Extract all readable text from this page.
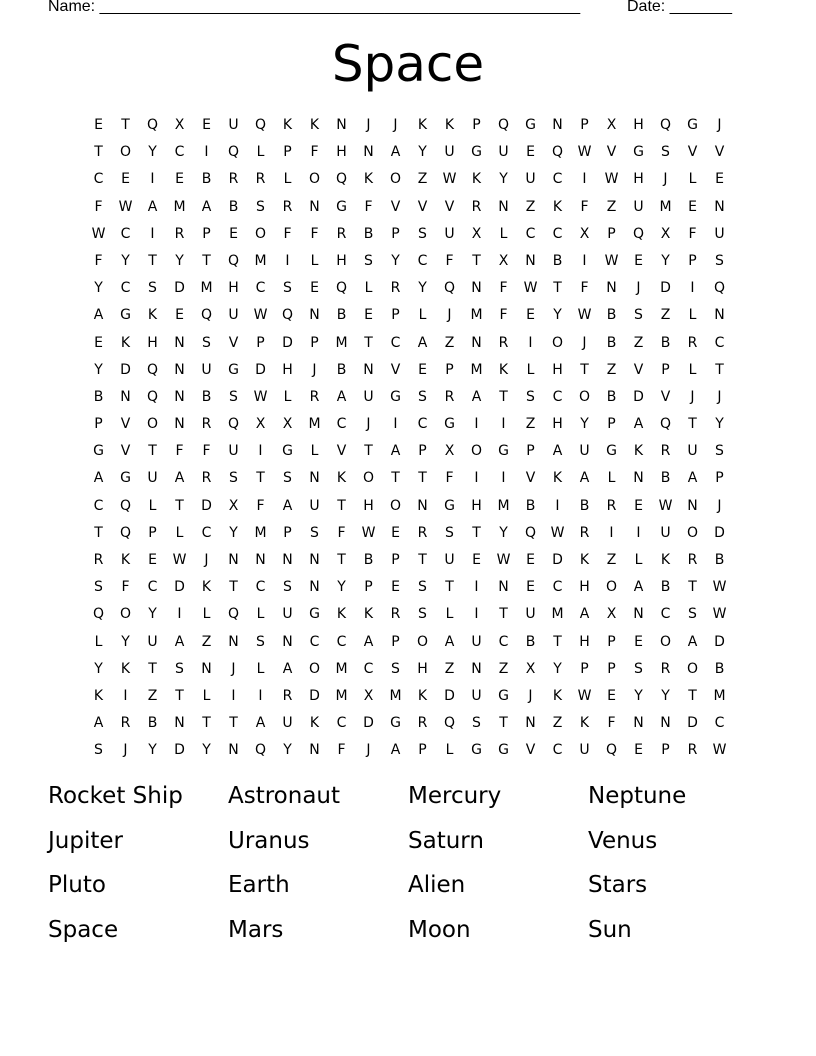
Name: ______________________________________________________	Date: _______
Space
E	T	Q	X	E	U	Q	K	K	N	J	J	K	K	P	Q	G	N	P	X	H	Q	G	J
T	O	Y	C	I	Q	L	P	F	H	N	A	Y	U	G	U	E	Q	W	V	G	S	V	V
C	E	I	E	B	R	R	L	O	Q	K	O	Z	W	K	Y	U	C	I	W	H	J	L	E
F	W	A	M	A	B	S	R	N	G	F	V	V	V	R	N	Z	K	F	Z	U	M	E	N
W	C	I	R	P	E	O	F	F	R	B	P	S	U	X	L	C	C	X	P	Q	X	F	U
F	Y	T	Y	T	Q	M	I	L	H	S	Y	C	F	T	X	N	B	I	W	E	Y	P	S
Y	C	S	D	M	H	C	S	E	Q	L	R	Y	Q	N	F	W	T	F	N	J	D	I	Q
A	G	K	E	Q	U	W	Q	N	B	E	P	L	J	M	F	E	Y	W	B	S	Z	L	N
E	K	H	N	S	V	P	D	P	M	T	C	A	Z	N	R	I	O	J	B	Z	B	R	C
Y	D	Q	N	U	G	D	H	J	B	N	V	E	P	M	K	L	H	T	Z	V	P	L	T
B	N	Q	N	B	S	W	L	R	A	U	G	S	R	A	T	S	C	O	B	D	V	J	J
P	V	O	N	R	Q	X	X	M	C	J	I	C	G	I	I	Z	H	Y	P	A	Q	T	Y
G	V	T	F	F	U	I	G	L	V	T	A	P	X	O	G	P	A	U	G	K	R	U	S
A	G	U	A	R	S	T	S	N	K	O	T	T	F	I	I	V	K	A	L	N	B	A	P
C	Q	L	T	D	X	F	A	U	T	H	O	N	G	H	M	B	I	B	R	E	W	N	J
T	Q	P	L	C	Y	M	P	S	F	W	E	R	S	T	Y	Q	W	R	I	I	U	O	D
R	K	E	W	J	N	N	N	N	T	B	P	T	U	E	W	E	D	K	Z	L	K	R	B
S	F	C	D	K	T	C	S	N	Y	P	E	S	T	I	N	E	C	H	O	A	B	T	W
Q	O	Y	I	L	Q	L	U	G	K	K	R	S	L	I	T	U	M	A	X	N	C	S	W
L	Y	U	A	Z	N	S	N	C	C	A	P	O	A	U	C	B	T	H	P	E	O	A	D
Y	K	T	S	N	J	L	A	O	M	C	S	H	Z	N	Z	X	Y	P	P	S	R	O	B
K	I	Z	T	L	I	I	R	D	M	X	M	K	D	U	G	J	K	W	E	Y	Y	T	M
A	R	B	N	T	T	A	U	K	C	D	G	R	Q	S	T	N	Z	K	F	N	N	D	C
S	J	Y	D	Y	N	Q	Y	N	F	J	A	P	L	G	G	V	C	U	Q	E	P	R	W
Rocket Ship	Astronaut	Mercury	Neptune
Jupiter	Uranus	Saturn	Venus
Pluto	Earth	Alien	Stars
Space	Mars	Moon	Sun
